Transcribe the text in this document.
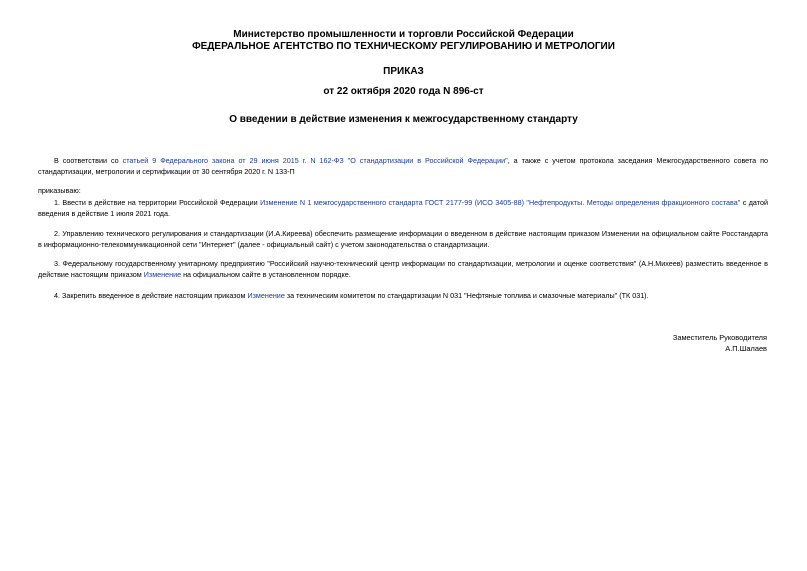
Министерство промышленности и торговли Российской Федерации
ФЕДЕРАЛЬНОЕ АГЕНТСТВО ПО ТЕХНИЧЕСКОМУ РЕГУЛИРОВАНИЮ И МЕТРОЛОГИИ
ПРИКАЗ
от 22 октября 2020 года N 896-ст
О введении в действие изменения к межгосударственному стандарту

В соответствии со статьей 9 Федерального закона от 29 июня 2015 г. N 162-ФЗ "О стандартизации в Российской Федерации", а также с учетом протокола заседания Межгосударственного совета по стандартизации, метрологии и сертификации от 30 сентября 2020 г. N 133-П

приказываю:

1. Ввести в действие на территории Российской Федерации Изменение N 1 межгосударственного стандарта ГОСТ 2177-99 (ИСО 3405-88) "Нефтепродукты. Методы определения фракционного состава" с датой введения в действие 1 июля 2021 года.

2. Управлению технического регулирования и стандартизации (И.А.Киреева) обеспечить размещение информации о введенном в действие настоящим приказом Изменении на официальном сайте Росстандарта в информационно-телекоммуникационной сети "Интернет" (далее - официальный сайт) с учетом законодательства о стандартизации.

3. Федеральному государственному унитарному предприятию "Российский научно-технический центр информации по стандартизации, метрологии и оценке соответствия" (А.Н.Михеев) разместить введенное в действие настоящим приказом Изменение на официальном сайте в установленном порядке.

4. Закрепить введенное в действие настоящим приказом Изменение за техническим комитетом по стандартизации N 031 "Нефтяные топлива и смазочные материалы" (ТК 031).

Заместитель Руководителя
А.П.Шалаев
